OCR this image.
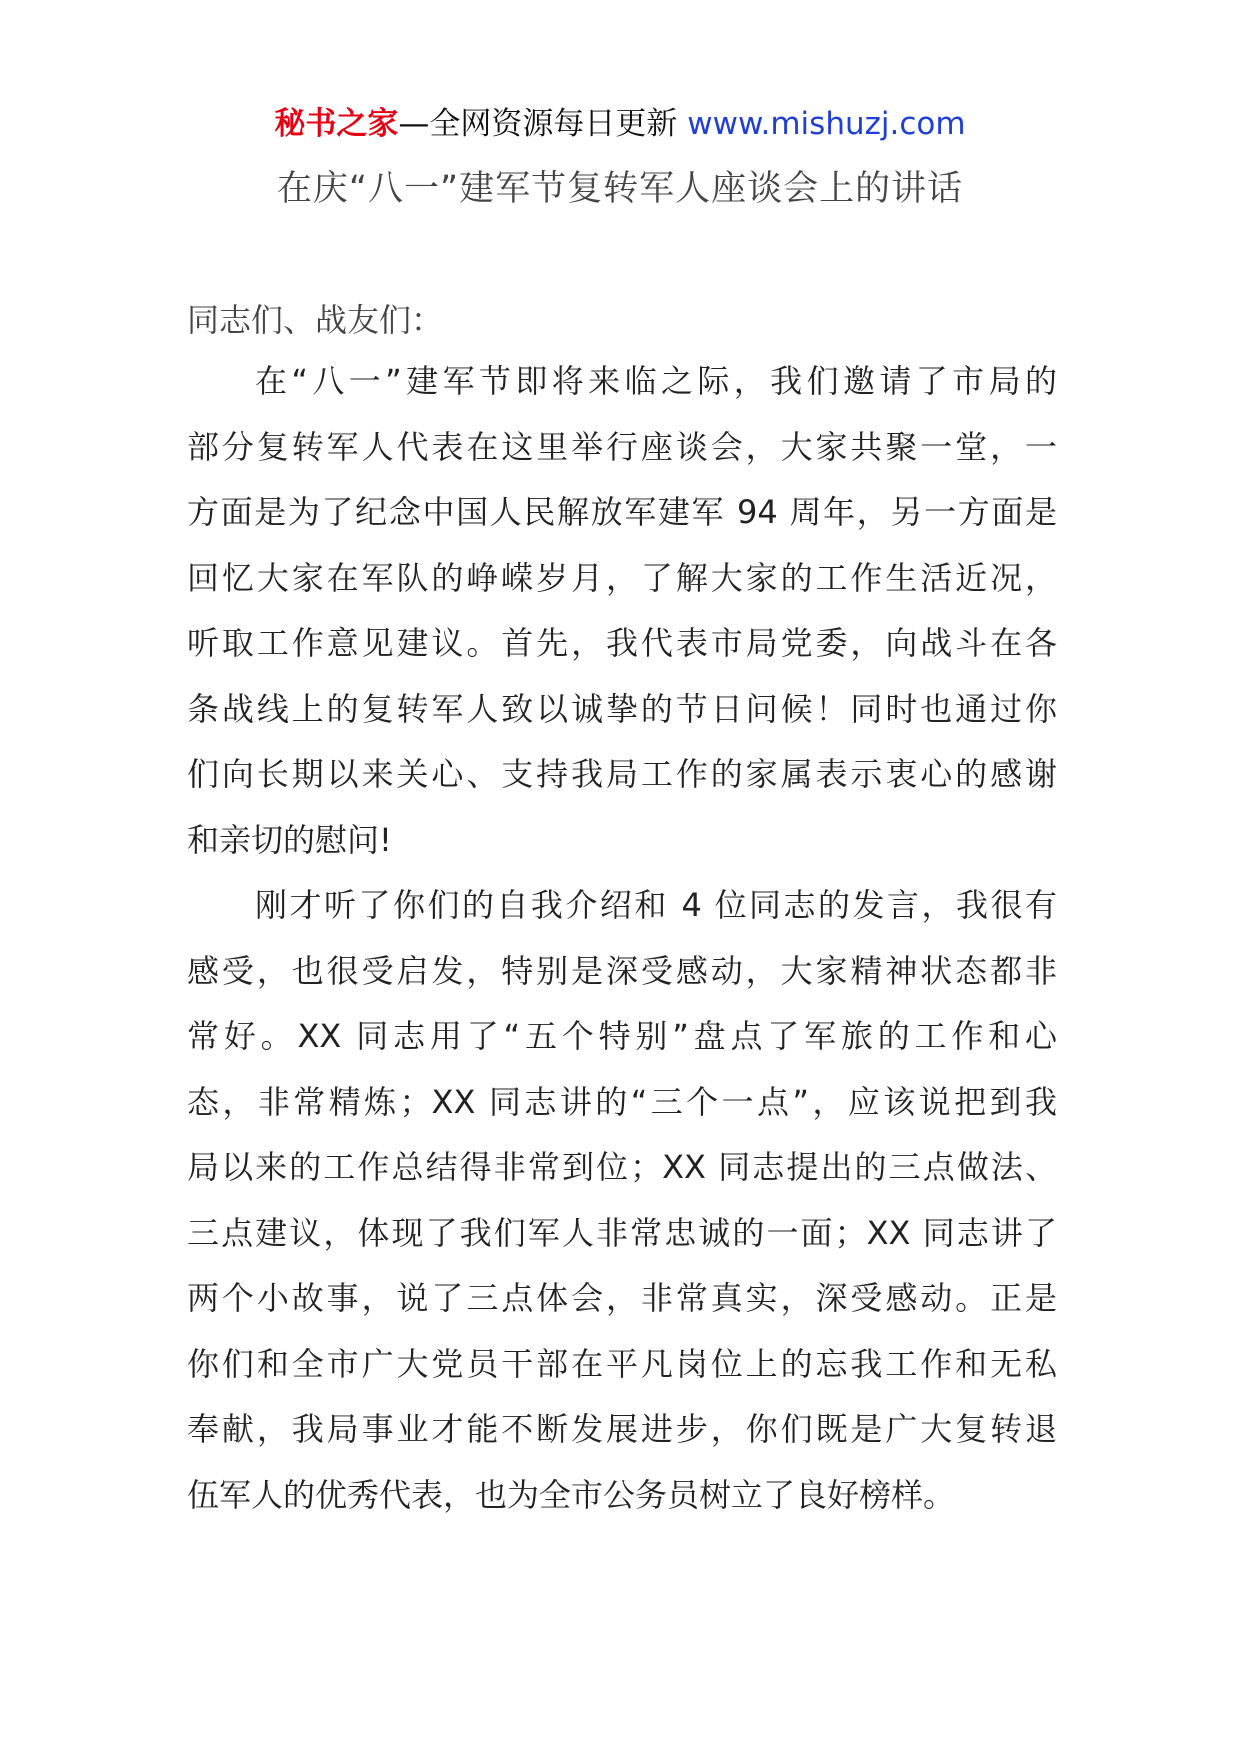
秘书之家—全网资源每日更新 www.mishuzj.com
在庆“八一”建军节复转军人座谈会上的讲话
同志们、战友们：
在“八一”建军节即将来临之际，我们邀请了市局的
部分复转军人代表在这里举行座谈会，大家共聚一堂，一
方面是为了纪念中国人民解放军建军 94 周年，另一方面是
回忆大家在军队的峥嵘岁月，了解大家的工作生活近况，
听取工作意见建议。首先，我代表市局党委，向战斗在各
条战线上的复转军人致以诚挚的节日问候！同时也通过你
们向长期以来关心、支持我局工作的家属表示衷心的感谢
和亲切的慰问!
刚才听了你们的自我介绍和 4 位同志的发言，我很有
感受，也很受启发，特别是深受感动，大家精神状态都非
常好。XX 同志用了“五个特别”盘点了军旅的工作和心
态，非常精炼；XX 同志讲的“三个一点”，应该说把到我
局以来的工作总结得非常到位；XX 同志提出的三点做法、
三点建议，体现了我们军人非常忠诚的一面；XX 同志讲了
两个小故事，说了三点体会，非常真实，深受感动。正是
你们和全市广大党员干部在平凡岗位上的忘我工作和无私
奉献，我局事业才能不断发展进步，你们既是广大复转退
伍军人的优秀代表，也为全市公务员树立了良好榜样。
